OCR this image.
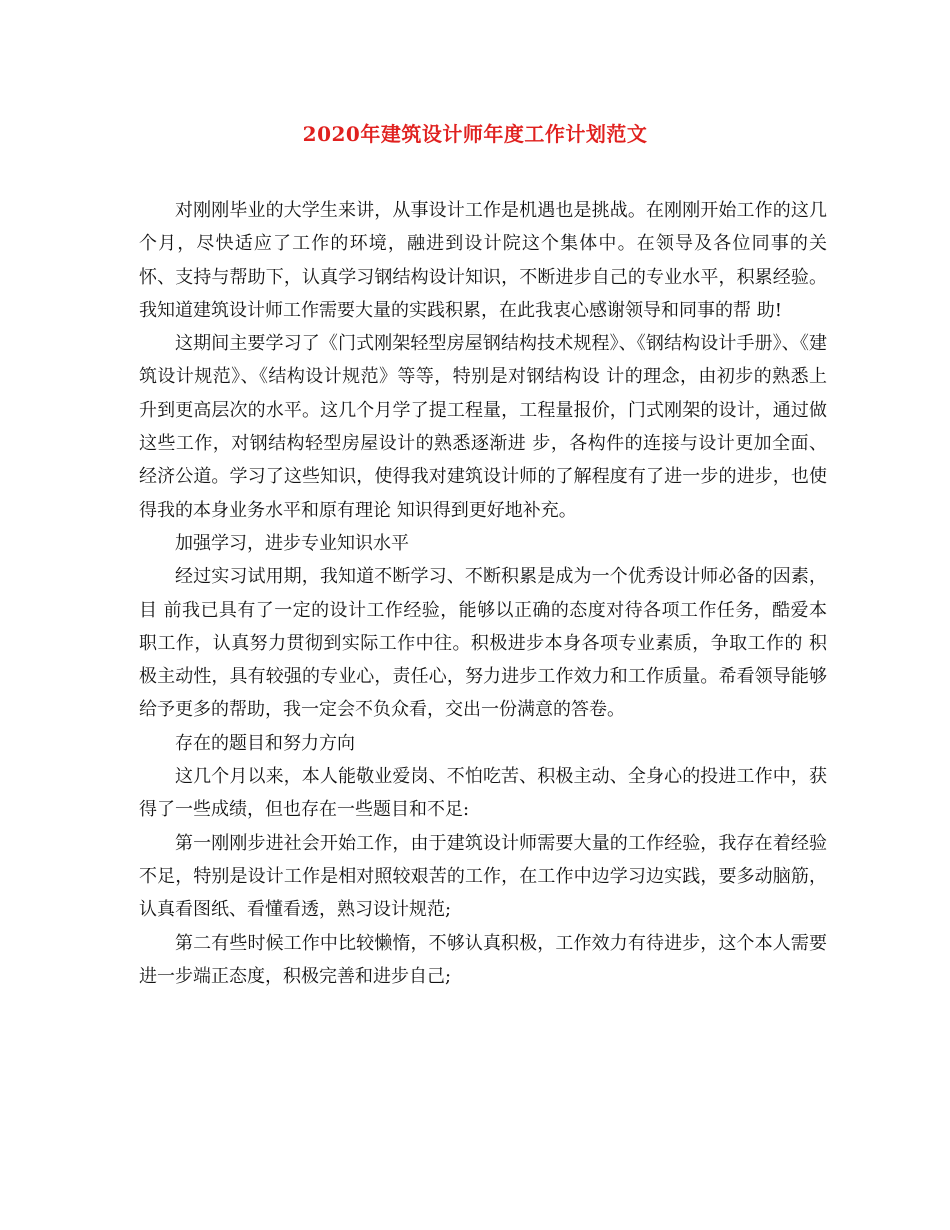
2020年建筑设计师年度工作计划范文

对刚刚毕业的大学生来讲，从事设计工作是机遇也是挑战。在刚刚开始工作的这几个月，尽快适应了工作的环境，融进到设计院这个集体中。在领导及各位同事的关 怀、支持与帮助下，认真学习钢结构设计知识，不断进步自己的专业水平，积累经验。我知道建筑设计师工作需要大量的实践积累，在此我衷心感谢领导和同事的帮 助!

这期间主要学习了《门式刚架轻型房屋钢结构技术规程》、《钢结构设计手册》、《建筑设计规范》、《结构设计规范》等等，特别是对钢结构设 计的理念，由初步的熟悉上升到更高层次的水平。这几个月学了提工程量，工程量报价，门式刚架的设计，通过做这些工作，对钢结构轻型房屋设计的熟悉逐渐进 步，各构件的连接与设计更加全面、经济公道。学习了这些知识，使得我对建筑设计师的了解程度有了进一步的进步，也使得我的本身业务水平和原有理论 知识得到更好地补充。

加强学习，进步专业知识水平

经过实习试用期，我知道不断学习、不断积累是成为一个优秀设计师必备的因素，目 前我已具有了一定的设计工作经验，能够以正确的态度对待各项工作任务，酷爱本职工作，认真努力贯彻到实际工作中往。积极进步本身各项专业素质，争取工作的 积极主动性，具有较强的专业心，责任心，努力进步工作效力和工作质量。希看领导能够给予更多的帮助，我一定会不负众看，交出一份满意的答卷。

存在的题目和努力方向

这几个月以来，本人能敬业爱岗、不怕吃苦、积极主动、全身心的投进工作中，获得了一些成绩，但也存在一些题目和不足:

第一刚刚步进社会开始工作，由于建筑设计师需要大量的工作经验，我存在着经验不足，特别是设计工作是相对照较艰苦的工作，在工作中边学习边实践，要多动脑筋，认真看图纸、看懂看透，熟习设计规范;

第二有些时候工作中比较懒惰，不够认真积极，工作效力有待进步，这个本人需要进一步端正态度，积极完善和进步自己;
